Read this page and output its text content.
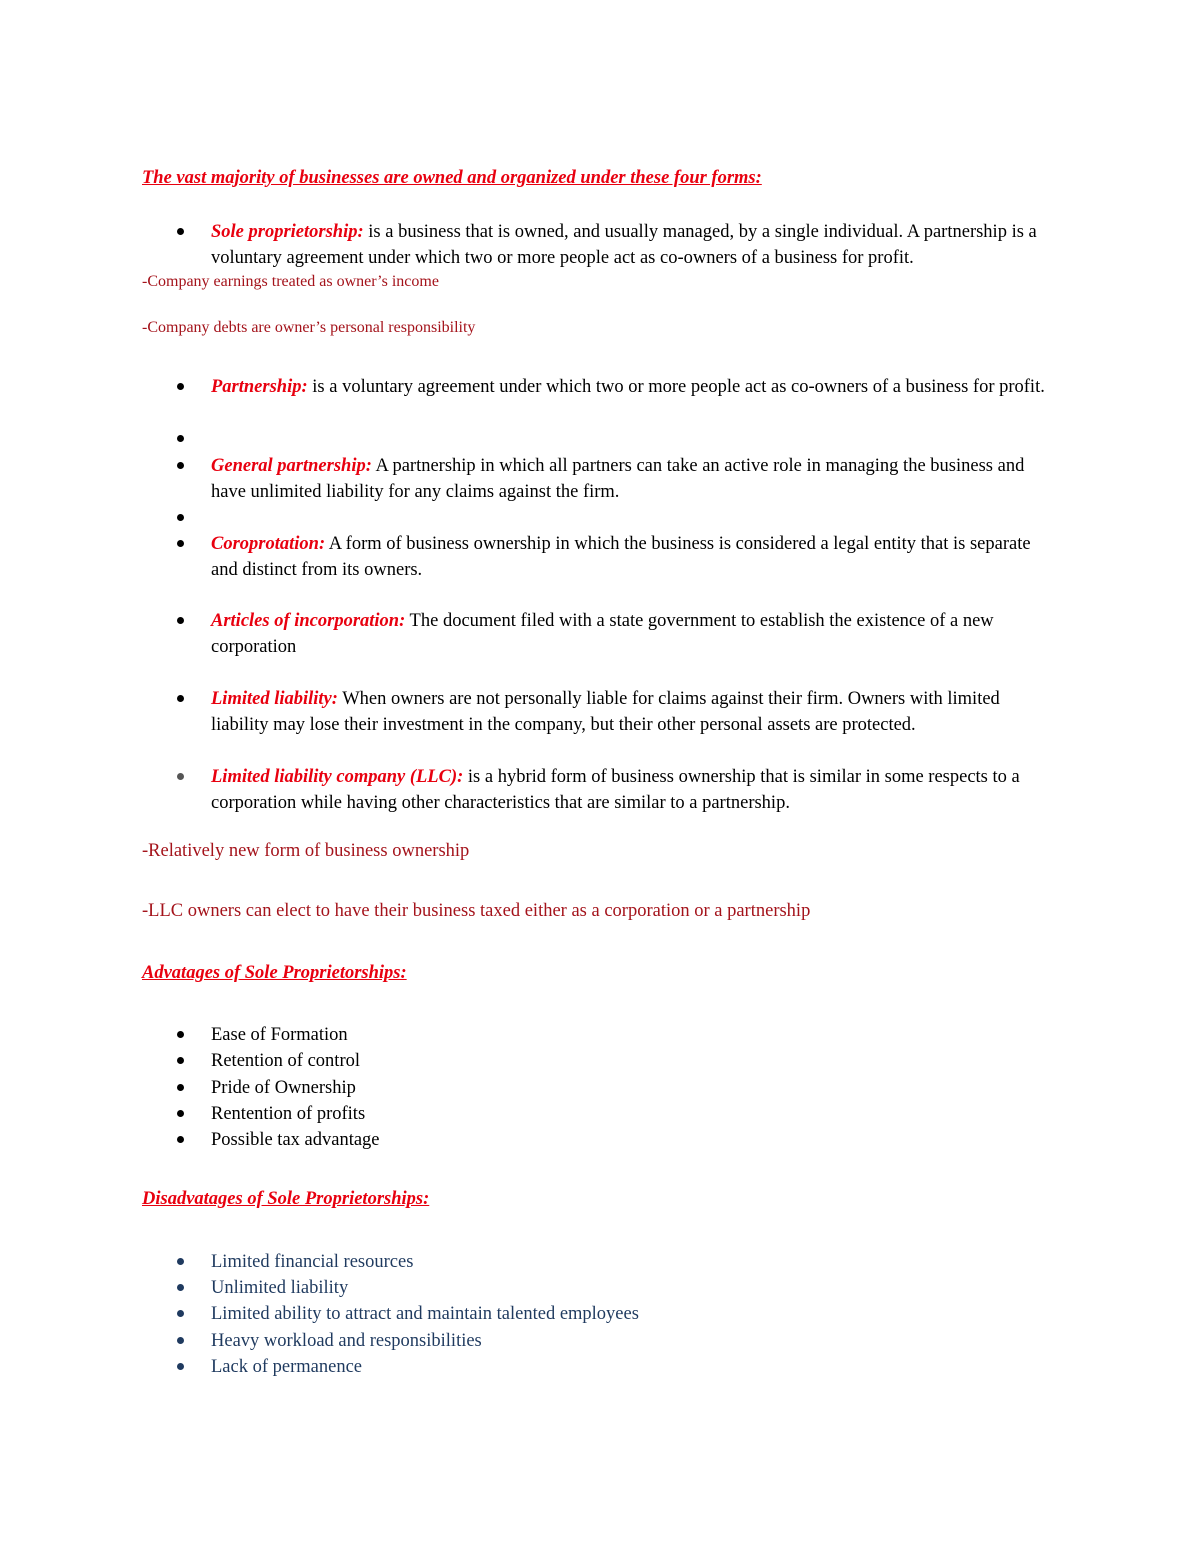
The vast majority of businesses are owned and organized under these four forms:

Sole proprietorship: is a business that is owned, and usually managed, by a single individual. A partnership is a voluntary agreement under which two or more people act as co-owners of a business for profit.

-Company earnings treated as owner’s income

-Company debts are owner’s personal responsibility

Partnership: is a voluntary agreement under which two or more people act as co-owners of a business for profit.

General partnership: A partnership in which all partners can take an active role in managing the business and have unlimited liability for any claims against the firm.

Coroprotation: A form of business ownership in which the business is considered a legal entity that is separate and distinct from its owners.

Articles of incorporation: The document filed with a state government to establish the existence of a new corporation

Limited liability: When owners are not personally liable for claims against their firm. Owners with limited liability may lose their investment in the company, but their other personal assets are protected.

Limited liability company (LLC): is a hybrid form of business ownership that is similar in some respects to a corporation while having other characteristics that are similar to a partnership.

-Relatively new form of business ownership

-LLC owners can elect to have their business taxed either as a corporation or a partnership

Advatages of Sole Proprietorships:

Ease of Formation

Retention of control

Pride of Ownership

Rentention of profits

Possible tax advantage

Disadvatages of Sole Proprietorships:

Limited financial resources

Unlimited liability

Limited ability to attract and maintain talented employees

Heavy workload and responsibilities

Lack of permanence
